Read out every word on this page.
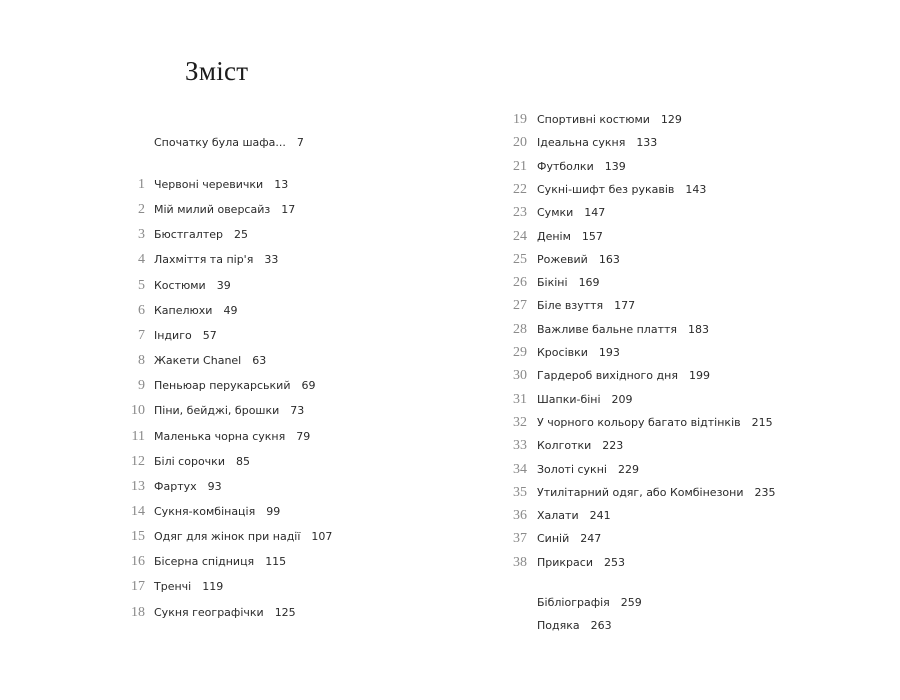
Зміст
Спочатку була шафа... 7
1 Червоні черевички 13
2 Мій милий оверсайз 17
3 Бюстгалтер 25
4 Лахміття та пір'я 33
5 Костюми 39
6 Капелюхи 49
7 Індиго 57
8 Жакети Chanel 63
9 Пеньюар перукарський 69
10 Піни, бейджі, брошки 73
11 Маленька чорна сукня 79
12 Білі сорочки 85
13 Фартух 93
14 Сукня-комбінація 99
15 Одяг для жінок при надії 107
16 Бісерна спідниця 115
17 Тренчі 119
18 Сукня географічки 125
19 Спортивні костюми 129
20 Ідеальна сукня 133
21 Футболки 139
22 Сукні-шифт без рукавів 143
23 Сумки 147
24 Денім 157
25 Рожевий 163
26 Бікіні 169
27 Біле взуття 177
28 Важливе бальне плаття 183
29 Кросівки 193
30 Гардероб вихідного дня 199
31 Шапки-біні 209
32 У чорного кольору багато відтінків 215
33 Колготки 223
34 Золоті сукні 229
35 Утилітарний одяг, або Комбінезони 235
36 Халати 241
37 Синій 247
38 Прикраси 253
Бібліографія 259
Подяка 263
